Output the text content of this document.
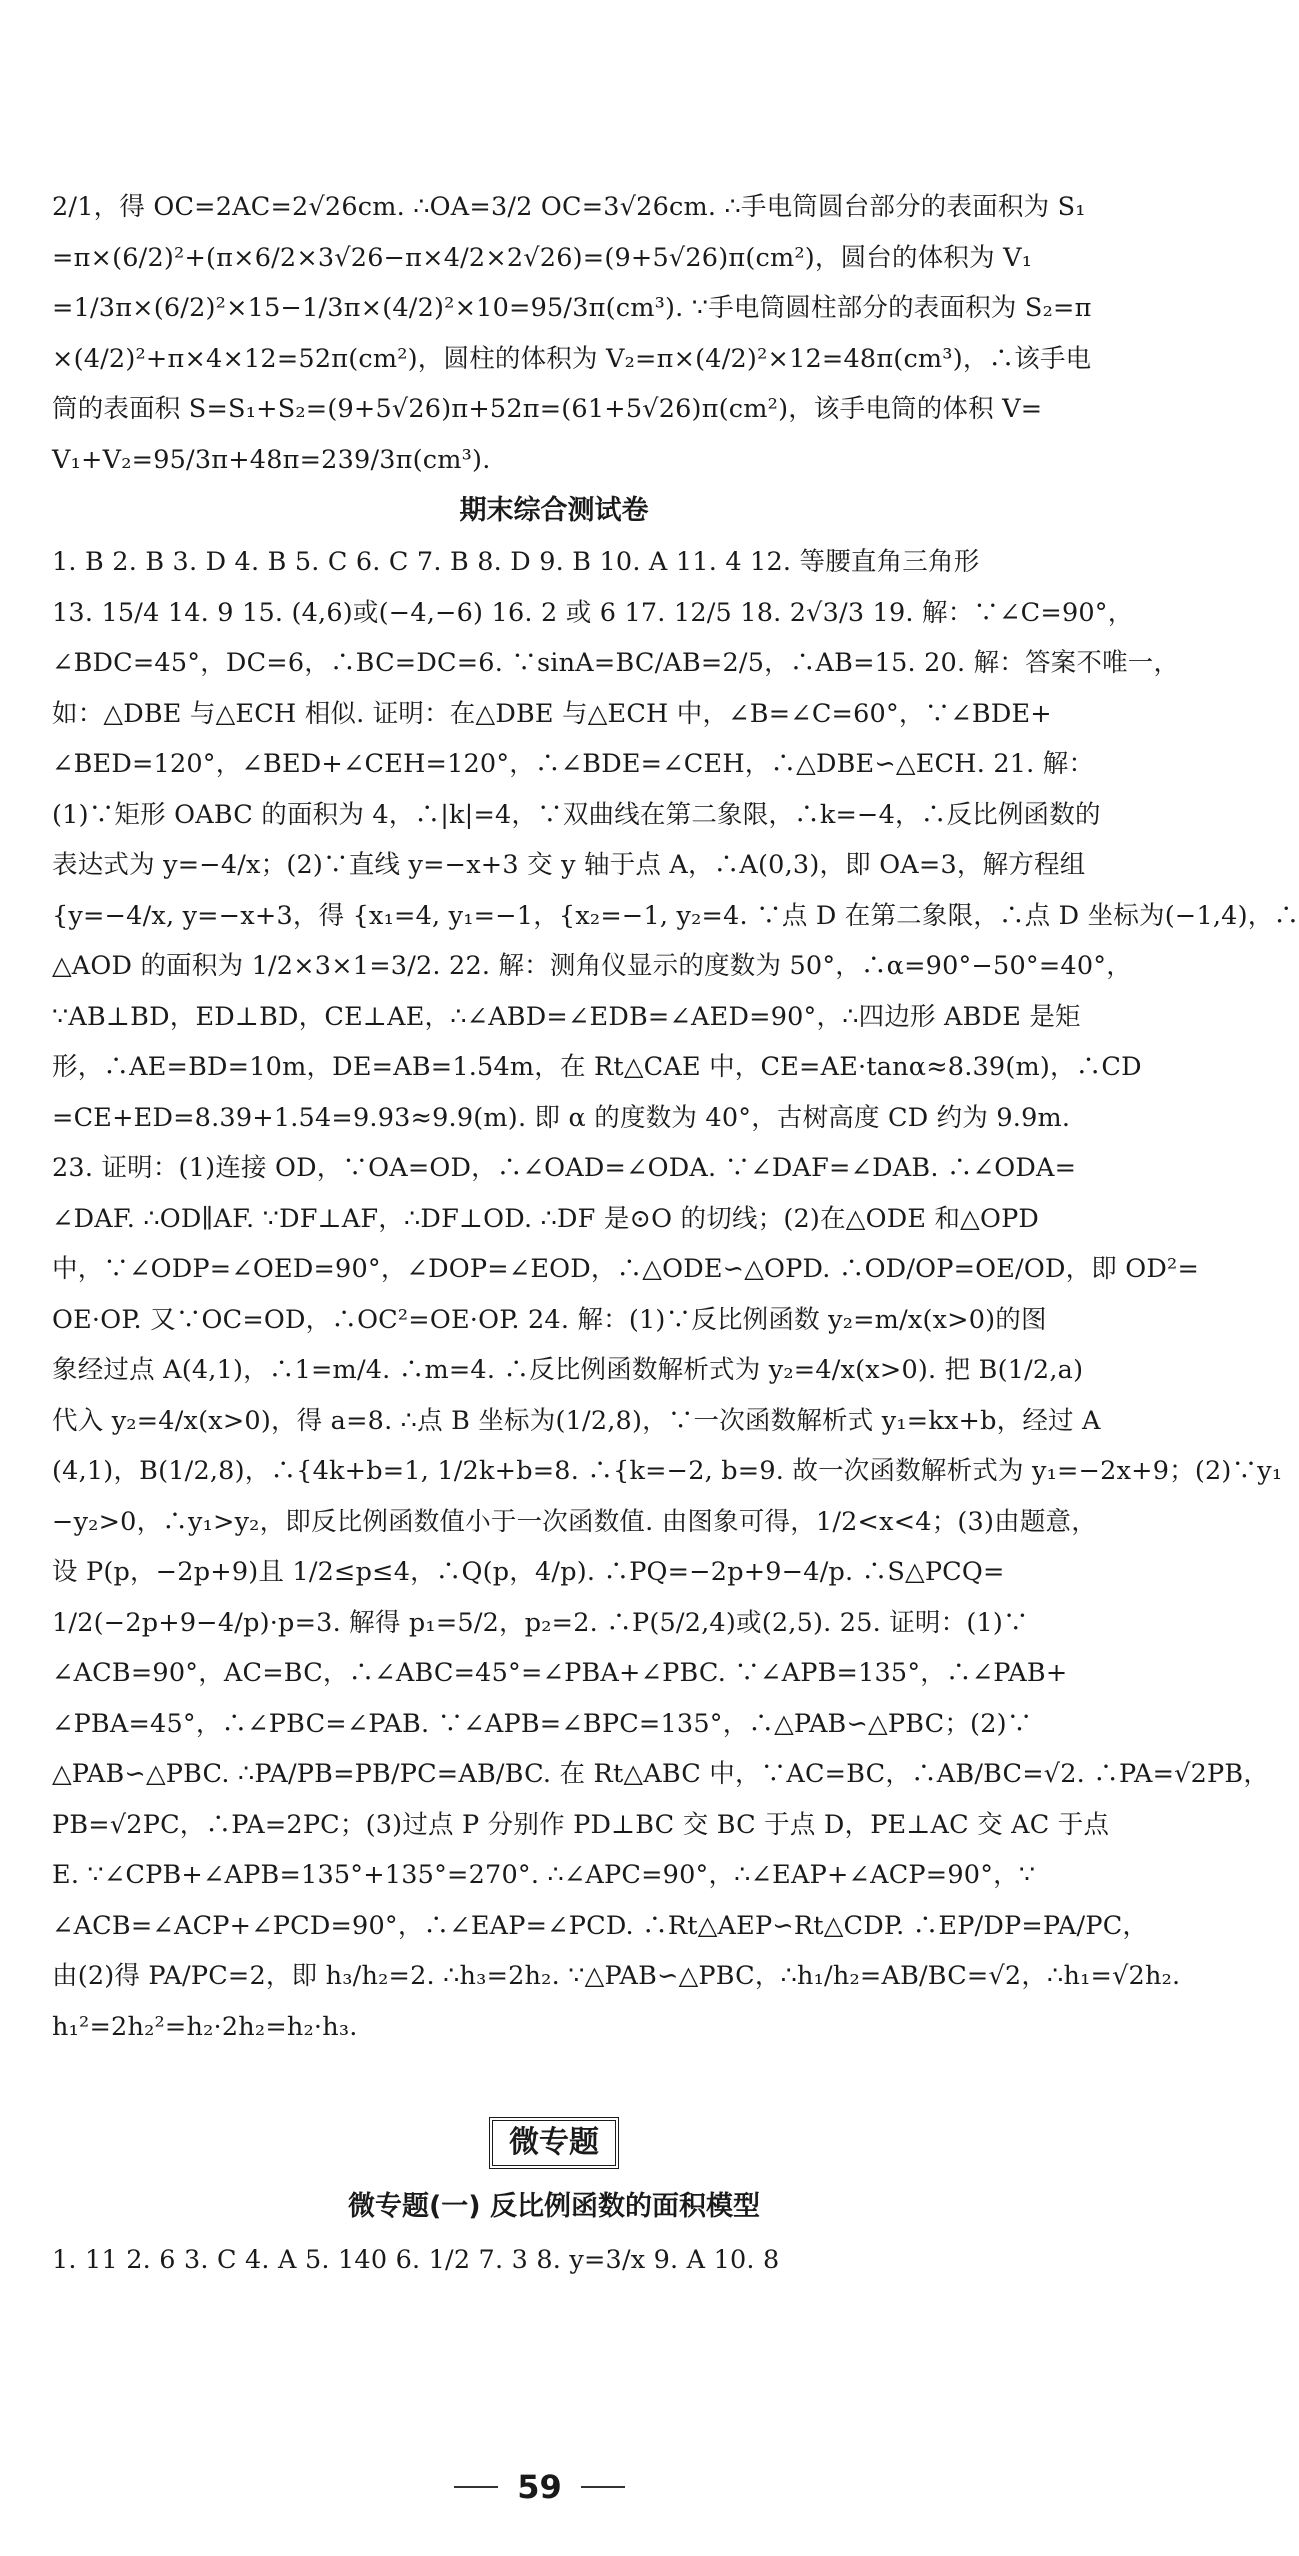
2/1，得 OC=2AC=2√26cm. ∴OA=3/2 OC=3√26cm. ∴手电筒圆台部分的表面积为 S₁
=π×(6/2)²+(π×6/2×3√26−π×4/2×2√26)=(9+5√26)π(cm²)，圆台的体积为 V₁
=1/3π×(6/2)²×15−1/3π×(4/2)²×10=95/3π(cm³). ∵手电筒圆柱部分的表面积为 S₂=π
×(4/2)²+π×4×12=52π(cm²)，圆柱的体积为 V₂=π×(4/2)²×12=48π(cm³)，∴该手电
筒的表面积 S=S₁+S₂=(9+5√26)π+52π=(61+5√26)π(cm²)，该手电筒的体积 V=
V₁+V₂=95/3π+48π=239/3π(cm³).
期末综合测试卷
1. B 2. B 3. D 4. B 5. C 6. C 7. B 8. D 9. B 10. A 11. 4 12. 等腰直角三角形
13. 15/4 14. 9 15. (4,6)或(−4,−6) 16. 2 或 6 17. 12/5 18. 2√3/3 19. 解：∵∠C=90°，
∠BDC=45°，DC=6，∴BC=DC=6. ∵sinA=BC/AB=2/5，∴AB=15. 20. 解：答案不唯一，
如：△DBE 与△ECH 相似. 证明：在△DBE 与△ECH 中，∠B=∠C=60°，∵∠BDE+
∠BED=120°，∠BED+∠CEH=120°，∴∠BDE=∠CEH，∴△DBE∽△ECH. 21. 解：
(1)∵矩形 OABC 的面积为 4，∴|k|=4，∵双曲线在第二象限，∴k=−4，∴反比例函数的
表达式为 y=−4/x；(2)∵直线 y=−x+3 交 y 轴于点 A，∴A(0,3)，即 OA=3，解方程组
{y=−4/x, y=−x+3，得 {x₁=4, y₁=−1，{x₂=−1, y₂=4. ∵点 D 在第二象限，∴点 D 坐标为(−1,4)，∴
△AOD 的面积为 1/2×3×1=3/2. 22. 解：测角仪显示的度数为 50°，∴α=90°−50°=40°，
∵AB⊥BD，ED⊥BD，CE⊥AE，∴∠ABD=∠EDB=∠AED=90°，∴四边形 ABDE 是矩
形，∴AE=BD=10m，DE=AB=1.54m，在 Rt△CAE 中，CE=AE·tanα≈8.39(m)，∴CD
=CE+ED=8.39+1.54=9.93≈9.9(m). 即 α 的度数为 40°，古树高度 CD 约为 9.9m.
23. 证明：(1)连接 OD，∵OA=OD，∴∠OAD=∠ODA. ∵∠DAF=∠DAB. ∴∠ODA=
∠DAF. ∴OD∥AF. ∵DF⊥AF，∴DF⊥OD. ∴DF 是⊙O 的切线；(2)在△ODE 和△OPD
中，∵∠ODP=∠OED=90°，∠DOP=∠EOD，∴△ODE∽△OPD. ∴OD/OP=OE/OD，即 OD²=
OE·OP. 又∵OC=OD，∴OC²=OE·OP. 24. 解：(1)∵反比例函数 y₂=m/x(x>0)的图
象经过点 A(4,1)，∴1=m/4. ∴m=4. ∴反比例函数解析式为 y₂=4/x(x>0). 把 B(1/2,a)
代入 y₂=4/x(x>0)，得 a=8. ∴点 B 坐标为(1/2,8)，∵一次函数解析式 y₁=kx+b，经过 A
(4,1)，B(1/2,8)，∴{4k+b=1, 1/2k+b=8. ∴{k=−2, b=9. 故一次函数解析式为 y₁=−2x+9；(2)∵y₁
−y₂>0，∴y₁>y₂，即反比例函数值小于一次函数值. 由图象可得，1/2<x<4；(3)由题意，
设 P(p，−2p+9)且 1/2≤p≤4，∴Q(p，4/p). ∴PQ=−2p+9−4/p. ∴S△PCQ=
1/2(−2p+9−4/p)·p=3. 解得 p₁=5/2，p₂=2. ∴P(5/2,4)或(2,5). 25. 证明：(1)∵
∠ACB=90°，AC=BC，∴∠ABC=45°=∠PBA+∠PBC. ∵∠APB=135°，∴∠PAB+
∠PBA=45°，∴∠PBC=∠PAB. ∵∠APB=∠BPC=135°，∴△PAB∽△PBC；(2)∵
△PAB∽△PBC. ∴PA/PB=PB/PC=AB/BC. 在 Rt△ABC 中，∵AC=BC，∴AB/BC=√2. ∴PA=√2PB，
PB=√2PC，∴PA=2PC；(3)过点 P 分别作 PD⊥BC 交 BC 于点 D，PE⊥AC 交 AC 于点
E. ∵∠CPB+∠APB=135°+135°=270°. ∴∠APC=90°，∴∠EAP+∠ACP=90°，∵
∠ACB=∠ACP+∠PCD=90°，∴∠EAP=∠PCD. ∴Rt△AEP∽Rt△CDP. ∴EP/DP=PA/PC，
由(2)得 PA/PC=2，即 h₃/h₂=2. ∴h₃=2h₂. ∵△PAB∽△PBC，∴h₁/h₂=AB/BC=√2，∴h₁=√2h₂.
h₁²=2h₂²=h₂·2h₂=h₂·h₃.
微专题
微专题(一) 反比例函数的面积模型
1. 11 2. 6 3. C 4. A 5. 140 6. 1/2 7. 3 8. y=3/x 9. A 10. 8
59
